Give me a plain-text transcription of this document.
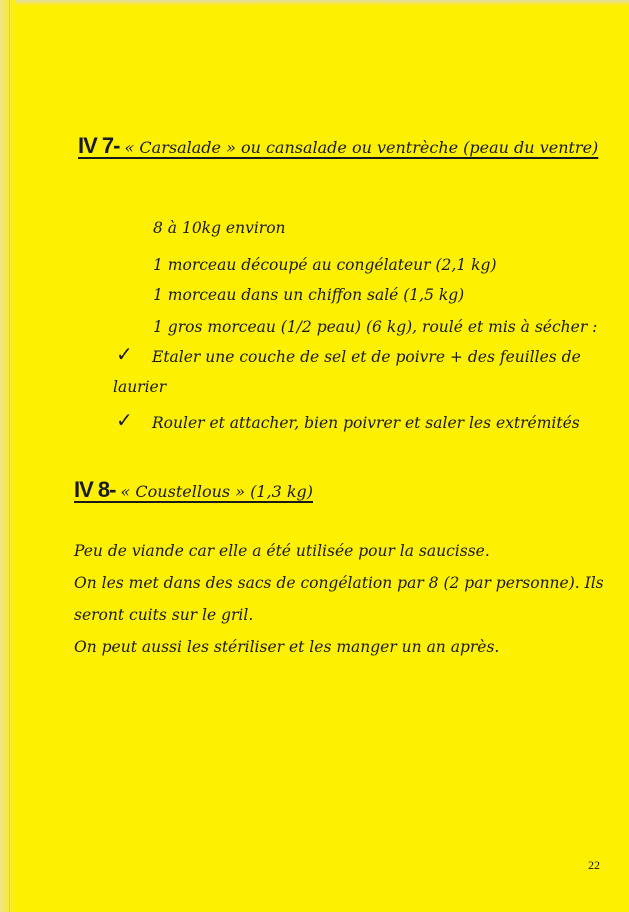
IV 7- « Carsalade » ou cansalade ou ventrèche (peau du ventre)
8 à 10kg environ
1 morceau découpé au congélateur (2,1 kg)
1 morceau dans un chiffon salé (1,5 kg)
1 gros morceau (1/2 peau) (6 kg), roulé et mis à sécher :
✓ Etaler une couche de sel et de poivre + des feuilles de
laurier
✓ Rouler et attacher, bien poivrer et saler les extrémités
IV 8- « Coustellous » (1,3 kg)
Peu de viande car elle a été utilisée pour la saucisse.
On les met dans des sacs de congélation par 8 (2 par personne). Ils
seront cuits sur le gril.
On peut aussi les stériliser et les manger un an après.
22
